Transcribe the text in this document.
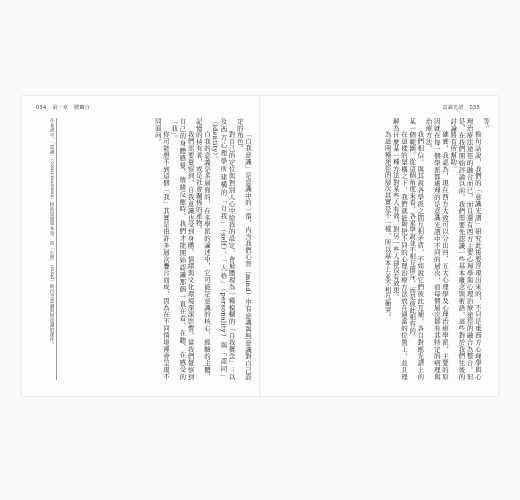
034 第一章 體觸自

「自我意識」是意識中的一環，内含我們心智（mind）中有意識與無意識對自己設定的角色。

對自己的定位與對別人心中給我的設定，會被體現為一種模糊的「自我概念」；以及西方心理學所建構的「自我」（self）、「人格」（personality）與「認同」（identity）。

自我的意義是多層面的，在多學派的論述中，它可能是意識的核心、經驗的主體、記憶的持有者，或是社會關係的產物。

我們需要覺察到，自我意識也受到身體、情緒與文化環境深深影響。當我們覺察到自己的身體感覺、情緒反應時，我們才能開始認識那個一直在看、在聽、在感受的「我」。

你可能想不到這個「我」其實是由許多層次疊合而成，因為在不同情境裡會呈現不同面向。

在本書中，「意識」（consciousness）指的是覺知本身，而「心智」（mind）則包含意識與無意識的運作。
意識光譜 035

等。

換句話說，我們的「意識光譜」研究此後要浮現出來的，不只是東西方心理學與心理治療法途徑的融合而已，而且還有西方主要心理學與心理治療途徑的融合為整合。但是，在我們開始評論以前，我們需要先認識一些基本概念與術語，這些對於我們往後的討論將有所幫助。

確實，我認為，現在西方大致可以分出四、五大心理學及心理治療學派，主要的原因就在每一個學派都處理的是意識光譜中不同的層次，而每個層次都有其特定的病理與治療方法。

我們相信，與其說各學派之間互相矛盾，不如說它們彼此互補，各自對應光譜上的某一個範圍。從這個角度來看，各家學說並不相互排斥，而是彼此相容的。

在這樣的架構之下，我們就能夠把不同的心理治療方法放在適當的位置上，並且理解為什麼某一種方法對某些人有效，對另一些人卻沒有效果。

為這兩種途徑的層次其實是不一樣，所以基本上並不相互衝突。
